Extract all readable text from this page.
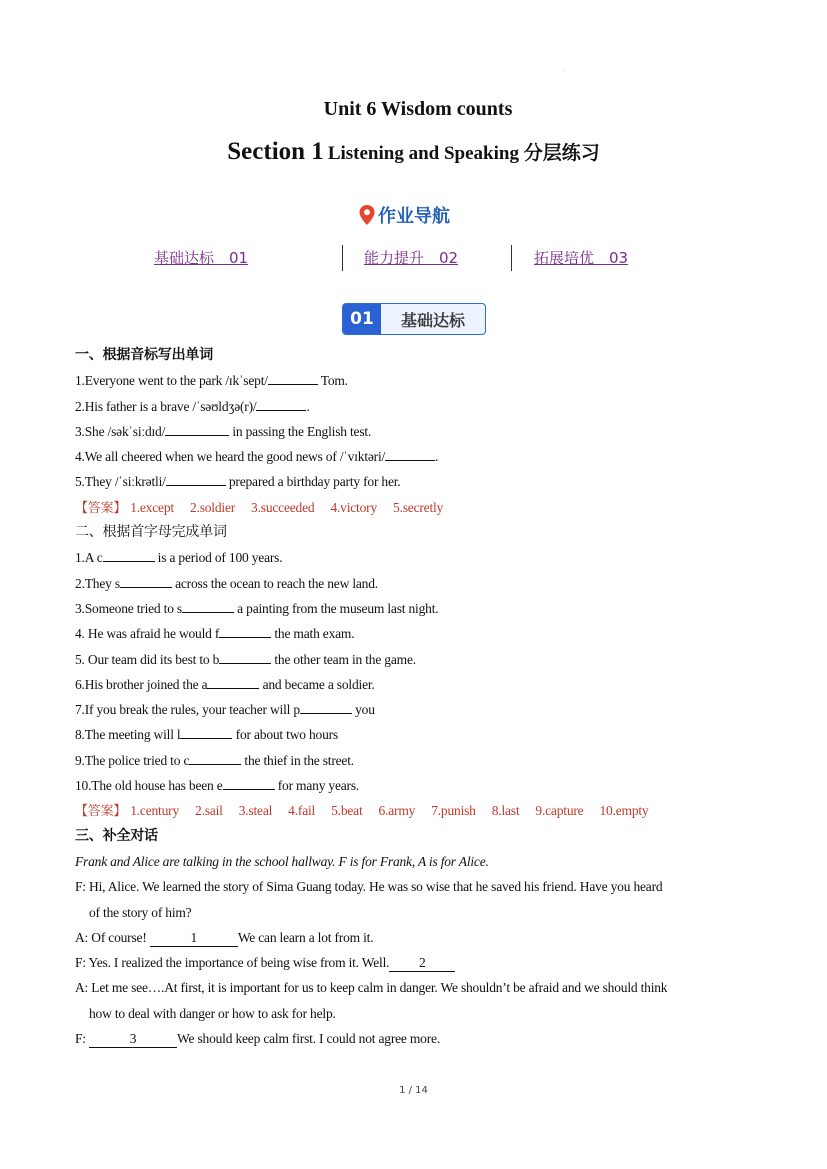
·
Unit 6 Wisdom counts
Section 1 Listening and Speaking 分层练习
作业导航
基础达标　01	能力提升　02	拓展培优　03
01	基础达标
一、根据音标写出单词
1.Everyone went to the park /ɪkˈsept/	Tom.
2.His father is a brave /ˈsəʊldʒə(r)/	.
3.She /səkˈsiːdɪd/	in passing the English test.
4.We all cheered when we heard the good news of /ˈvɪktəri/	.
5.They /ˈsiːkrətli/	prepared a birthday party for her.
【答案】 1.except 2.soldier 3.succeeded 4.victory 5.secretly
二、根据首字母完成单词
1.A c	is a period of 100 years.
2.They s	across the ocean to reach the new land.
3.Someone tried to s	a painting from the museum last night.
4. He was afraid he would f	the math exam.
5. Our team did its best to b	the other team in the game.
6.His brother joined the a	and became a soldier.
7.If you break the rules, your teacher will p	you
8.The meeting will l	for about two hours
9.The police tried to c	the thief in the street.
10.The old house has been e	for many years.
【答案】 1.century 2.sail 3.steal 4.fail 5.beat 6.army 7.punish 8.last 9.capture 10.empty
三、补全对话
Frank and Alice are talking in the school hallway. F is for Frank, A is for Alice.
F: Hi, Alice. We learned the story of Sima Guang today. He was so wise that he saved his friend. Have you heard
of the story of him?
A: Of course!	1	We can learn a lot from it.
F: Yes. I realized the importance of being wise from it. Well. 2
A: Let me see….At first, it is important for us to keep calm in danger. We shouldn’t be afraid and we should think
how to deal with danger or how to ask for help.
F:	3	We should keep calm first. I could not agree more.
1 / 14
